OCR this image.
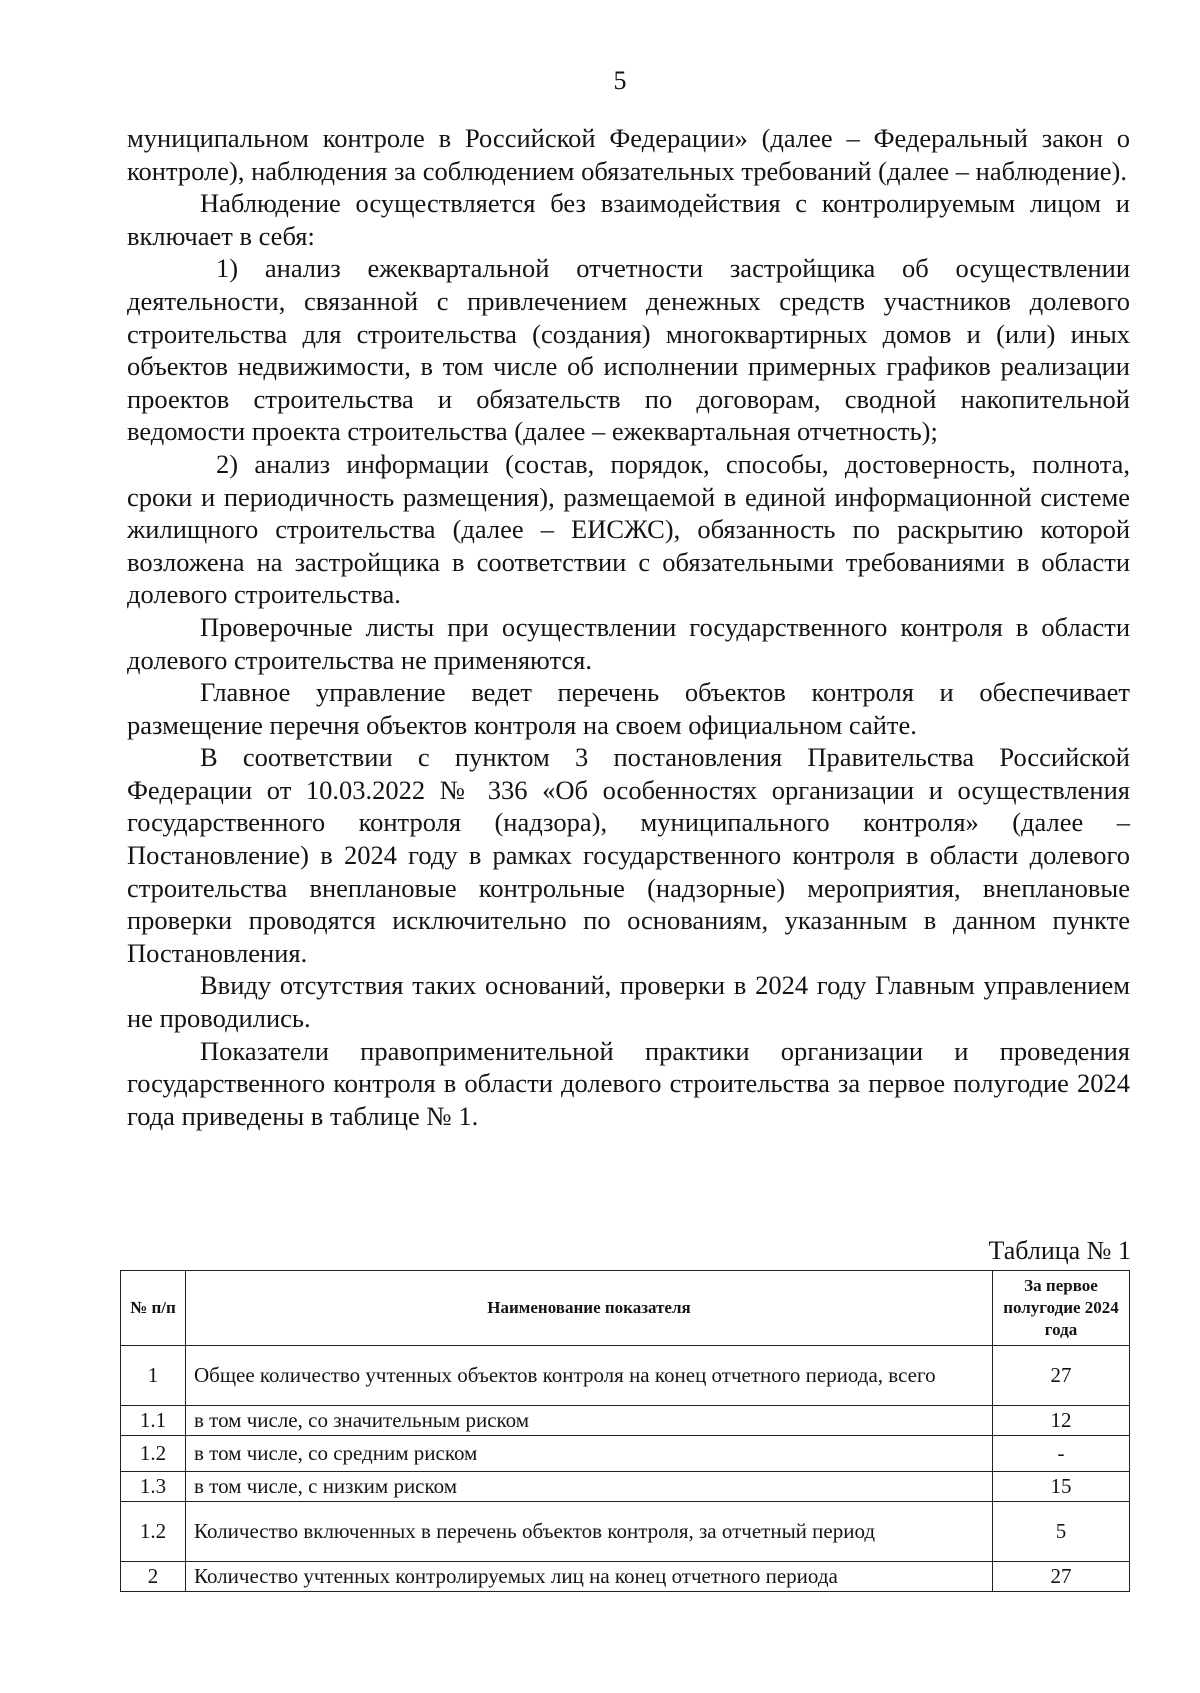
5

муниципальном контроле в Российской Федерации» (далее – Федеральный закон о контроле), наблюдения за соблюдением обязательных требований (далее – наблюдение).

Наблюдение осуществляется без взаимодействия с контролируемым лицом и включает в себя:

1) анализ ежеквартальной отчетности застройщика об осуществлении деятельности, связанной с привлечением денежных средств участников долевого строительства для строительства (создания) многоквартирных домов и (или) иных объектов недвижимости, в том числе об исполнении примерных графиков реализации проектов строительства и обязательств по договорам, сводной накопительной ведомости проекта строительства (далее – ежеквартальная отчетность);

2) анализ информации (состав, порядок, способы, достоверность, полнота, сроки и периодичность размещения), размещаемой в единой информационной системе жилищного строительства (далее – ЕИСЖС), обязанность по раскрытию которой возложена на застройщика в соответствии с обязательными требованиями в области долевого строительства.

Проверочные листы при осуществлении государственного контроля в области долевого строительства не применяются.

Главное управление ведет перечень объектов контроля и обеспечивает размещение перечня объектов контроля на своем официальном сайте.

В соответствии с пунктом 3 постановления Правительства Российской Федерации от 10.03.2022 № 336 «Об особенностях организации и осуществления государственного контроля (надзора), муниципального контроля» (далее – Постановление) в 2024 году в рамках государственного контроля в области долевого строительства внеплановые контрольные (надзорные) мероприятия, внеплановые проверки проводятся исключительно по основаниям, указанным в данном пункте Постановления.

Ввиду отсутствия таких оснований, проверки в 2024 году Главным управлением не проводились.

Показатели правоприменительной практики организации и проведения государственного контроля в области долевого строительства за первое полугодие 2024 года приведены в таблице № 1.

Таблица № 1
№ п/п	Наименование показателя	За первое полугодие 2024 года
1	Общее количество учтенных объектов контроля на конец отчетного периода, всего	27
1.1	в том числе, со значительным риском	12
1.2	в том числе, со средним риском	-
1.3	в том числе, с низким риском	15
1.2	Количество включенных в перечень объектов контроля, за отчетный период	5
2	Количество учтенных контролируемых лиц на конец отчетного периода	27
